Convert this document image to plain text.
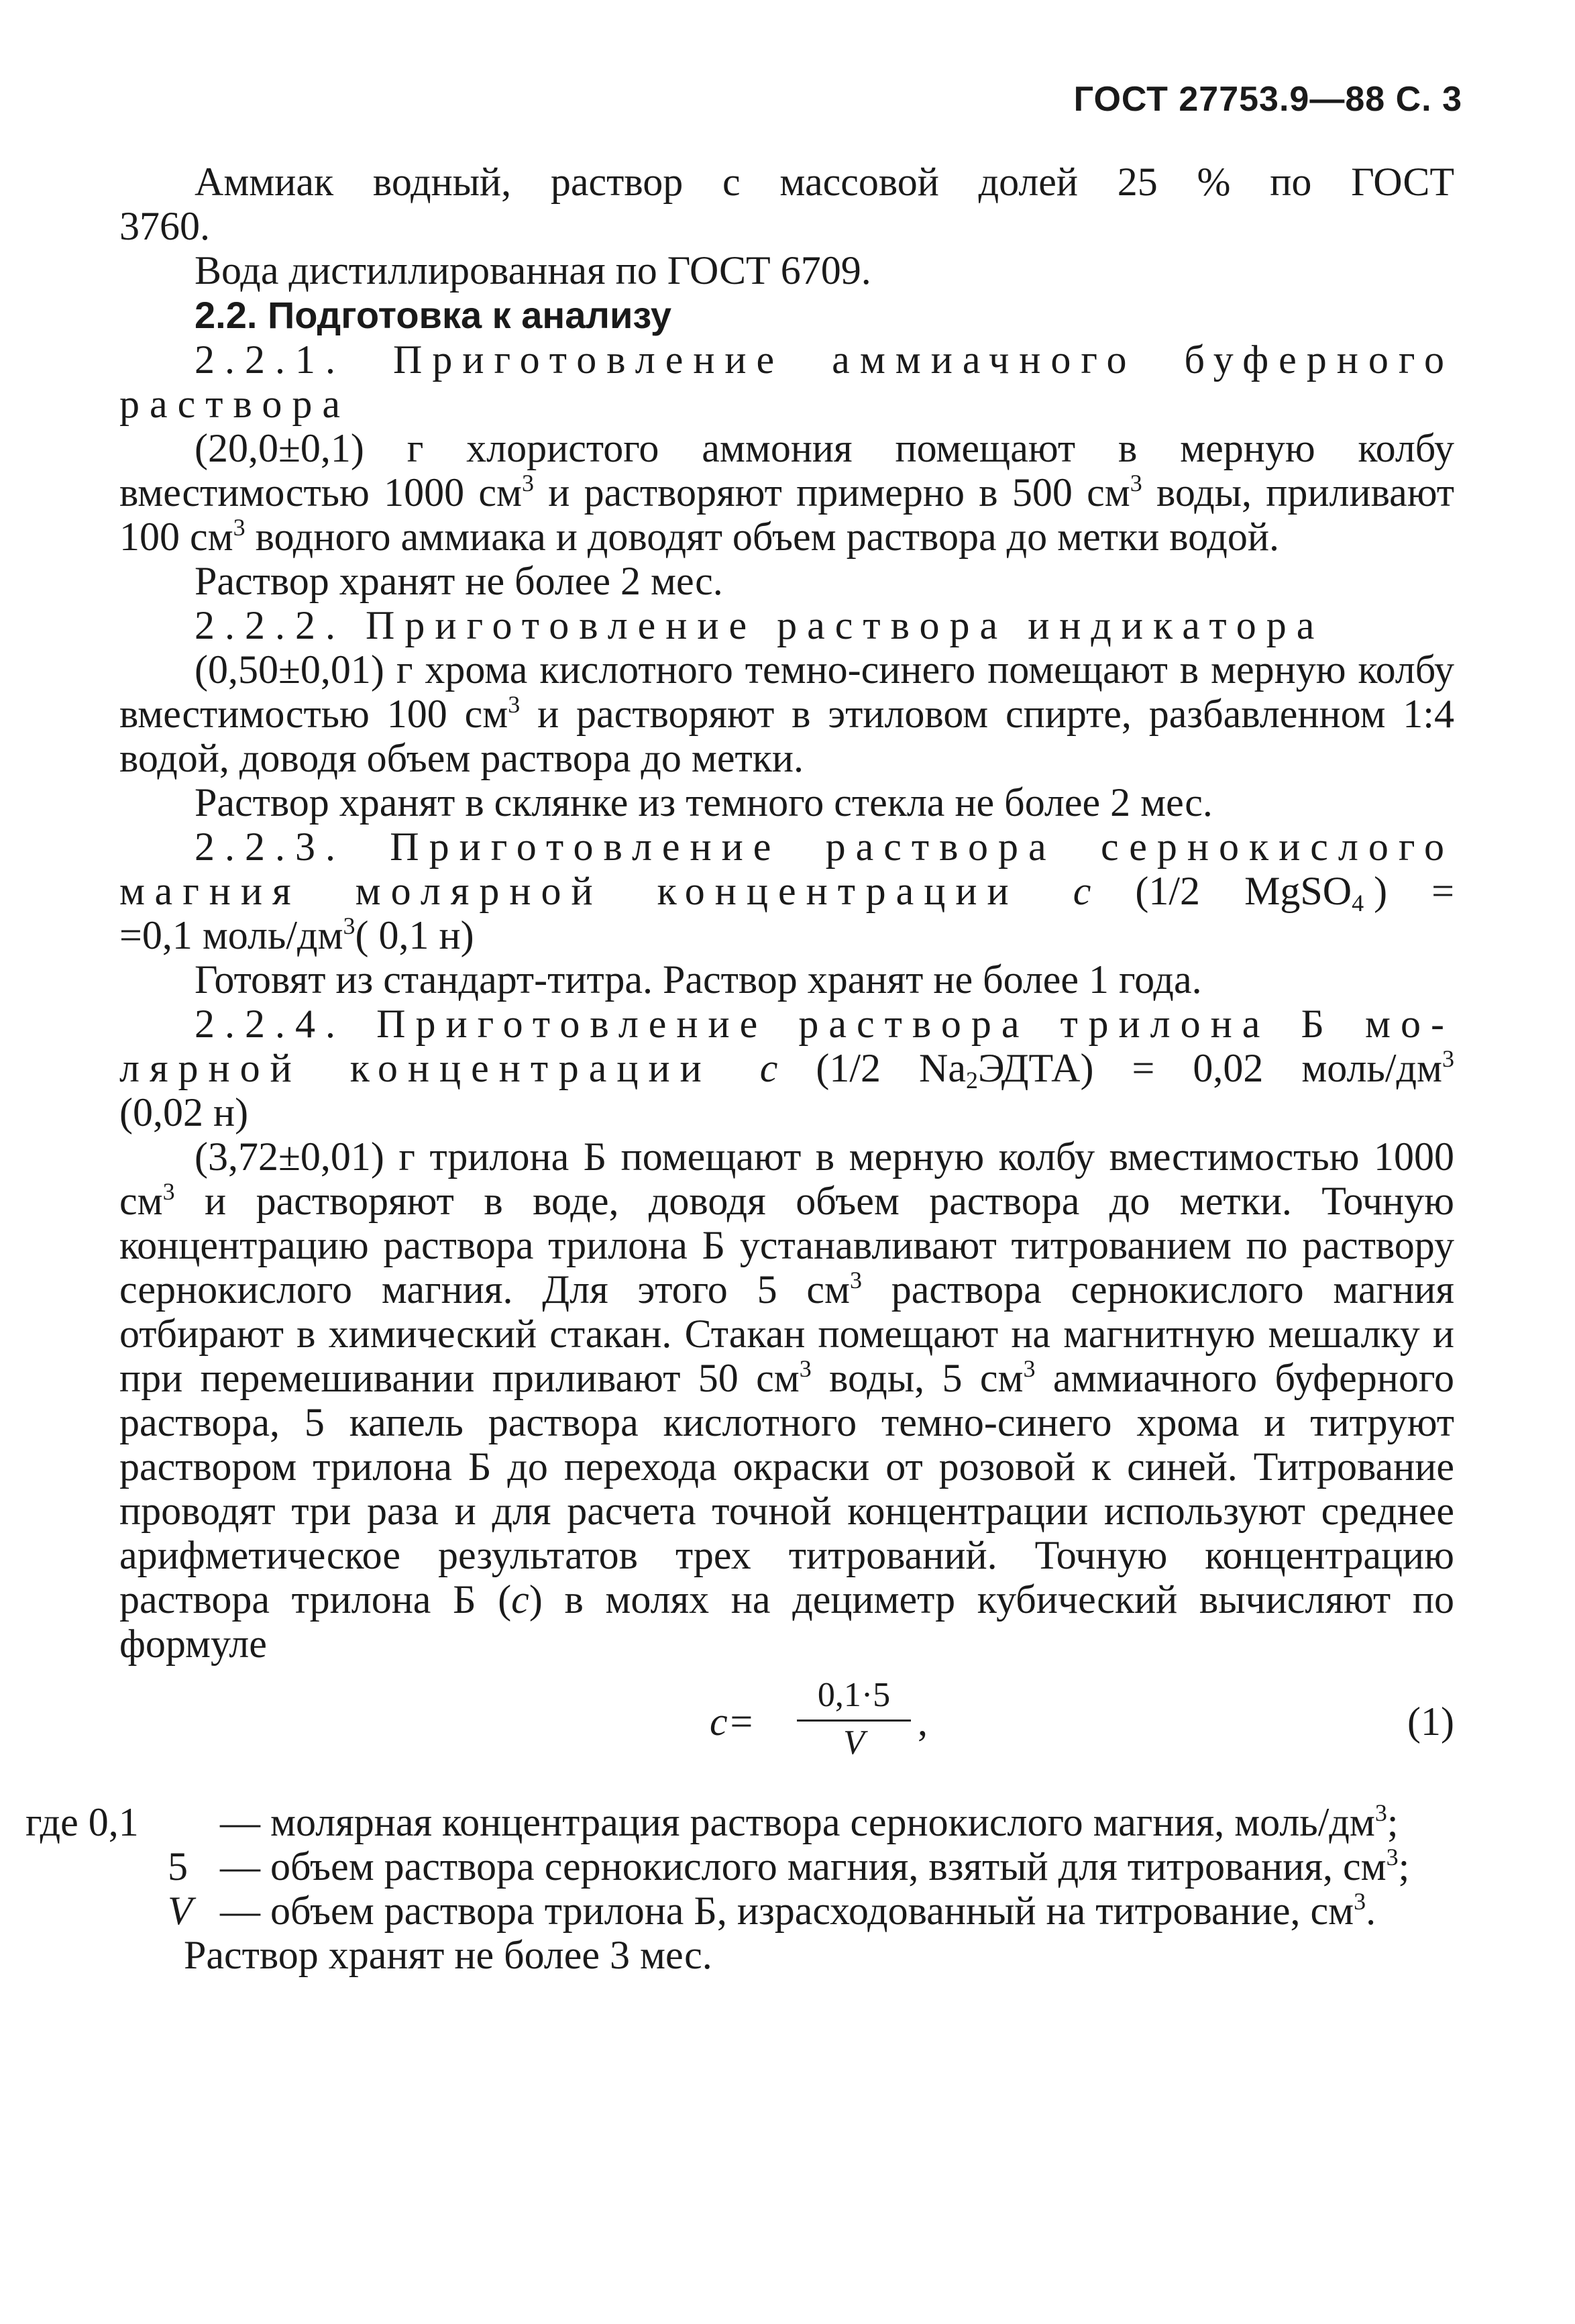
ГОСТ 27753.9—88 С. 3

Аммиак водный, раствор с массовой долей 25 % по ГОСТ

3760.

Вода дистиллированная по ГОСТ 6709.

2.2. Подготовка к анализу

2.2.1. Приготовление аммиачного буферного

раствора

(20,0±0,1) г хлористого аммония помещают в мерную колбу вместимостью 1000 $см^3$ и растворяют примерно в 500 $см^3$ воды, приливают 100 $см^3$ водного аммиака и доводят объем раствора до метки водой.

Раствор хранят не более 2 мес.

2.2.2. Приготовление раствора индикатора

(0,50±0,01) г хрома кислотного темно-синего помещают в мерную колбу вместимостью 100 $см^3$ и растворяют в этиловом спирте, разбавленном 1:4 водой, доводя объем раствора до метки.

Раствор хранят в склянке из темного стекла не более 2 мес.

2.2.3. Приготовление раствора сернокислого

магния молярной концентрации c (1/2 MgSO$_4$) =

=0,1 моль/$дм^3$( 0,1 н)

Готовят из стандарт-титра. Раствор хранят не более 1 года.

2.2.4. Приготовление раствора трилона Б мо-

лярной концентрации c (1/2 $Na_2ЭДТА) = 0,02$ моль/$дм^3$

(0,02 н)

(3,72±0,01) г трилона Б помещают в мерную колбу вместимостью 1000 $см^3$ и растворяют в воде, доводя объем раствора до метки. Точную концентрацию раствора трилона Б устанавливают титрованием по раствору сернокислого магния. Для этого 5 $см^3$ раствора сернокислого магния отбирают в химический стакан. Стакан помещают на магнитную мешалку и при перемешивании приливают 50 $см^3$ воды, 5 $см^3$ аммиачного буферного раствора, 5 капель раствора кислотного темно-синего хрома и титруют раствором трилона Б до перехода окраски от розовой к синей. Титрование проводят три раза и для расчета точной концентрации используют среднее арифметическое результатов трех титрований. Точную концентрацию раствора трилона Б (c) в молях на дециметр кубический вычисляют по формуле

c=
0,1·5
V	,	(1)
где 0,1 — молярная концентрация раствора сернокислого магния, моль/$дм^3$;

5 — объем раствора сернокислого магния, взятый для титрования, $см^3$;

V — объем раствора трилона Б, израсходованный на титрование, $см^3$.

Раствор хранят не более 3 мес.
